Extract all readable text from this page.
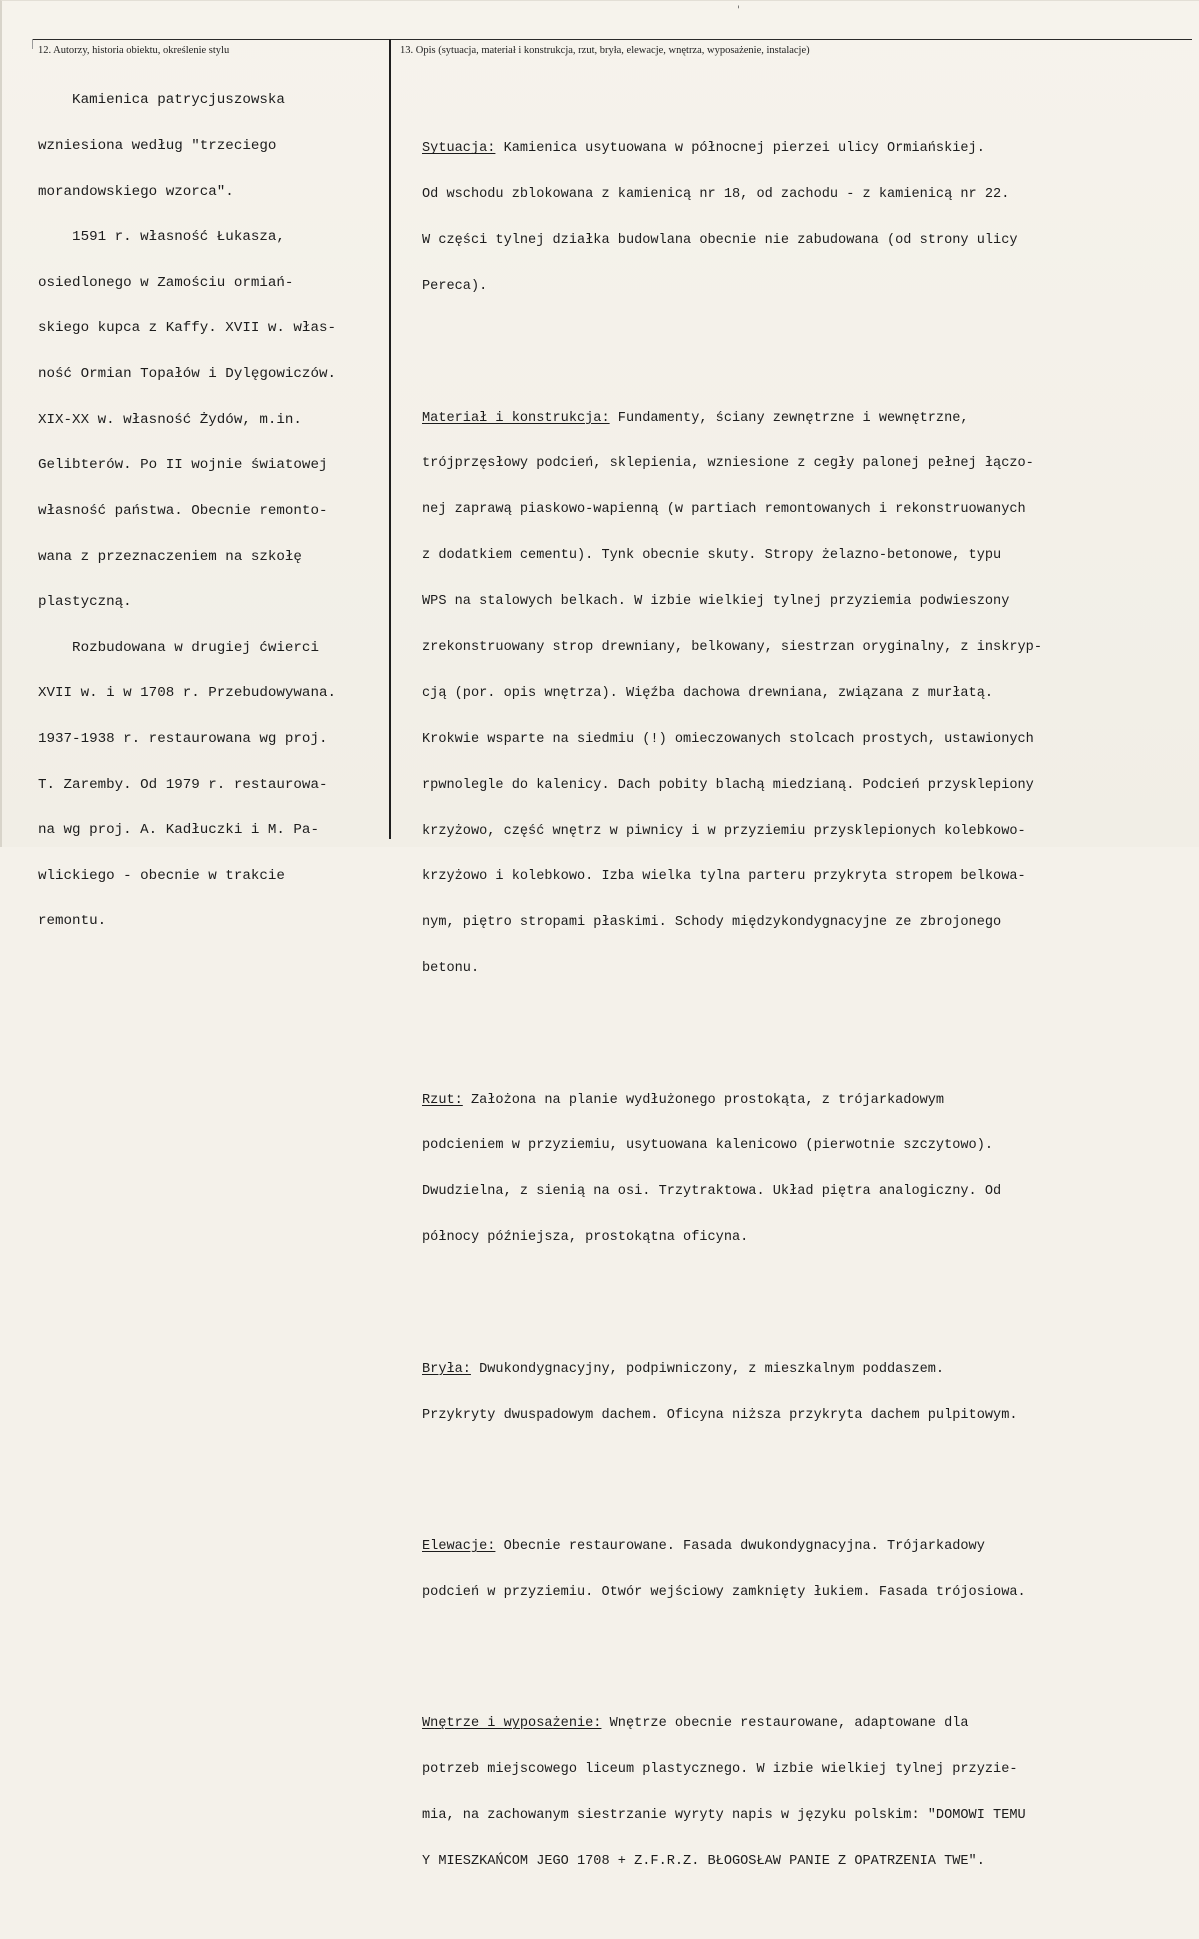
'
12. Autorzy, historia obiektu, określenie stylu	13. Opis (sytuacja, materiał i konstrukcja, rzut, bryła, elewacje, wnętrza, wyposażenie, instalacje)

Kamienica patrycjuszowska

wzniesiona według "trzeciego

morandowskiego wzorca".

1591 r. własność Łukasza,

osiedlonego w Zamościu ormiań-

skiego kupca z Kaffy. XVII w. włas-

ność Ormian Topałów i Dylęgowiczów.

XIX-XX w. własność Żydów, m.in.

Gelibterów. Po II wojnie światowej

własność państwa. Obecnie remonto-

wana z przeznaczeniem na szkołę

plastyczną.

Rozbudowana w drugiej ćwierci

XVII w. i w 1708 r. Przebudowywana.

1937-1938 r. restaurowana wg proj.

T. Zaremby. Od 1979 r. restaurowa-

na wg proj. A. Kadłuczki i M. Pa-

wlickiego - obecnie w trakcie

remontu.

Sytuacja: Kamienica usytuowana w północnej pierzei ulicy Ormiańskiej.

Od wschodu zblokowana z kamienicą nr 18, od zachodu - z kamienicą nr 22.

W części tylnej działka budowlana obecnie nie zabudowana (od strony ulicy

Pereca).

Materiał i konstrukcja: Fundamenty, ściany zewnętrzne i wewnętrzne,

trójprzęsłowy podcień, sklepienia, wzniesione z cegły palonej pełnej łączo-

nej zaprawą piaskowo-wapienną (w partiach remontowanych i rekonstruowanych

z dodatkiem cementu). Tynk obecnie skuty. Stropy żelazno-betonowe, typu

WPS na stalowych belkach. W izbie wielkiej tylnej przyziemia podwieszony

zrekonstruowany strop drewniany, belkowany, siestrzan oryginalny, z inskryp-

cją (por. opis wnętrza). Więźba dachowa drewniana, związana z murłatą.

Krokwie wsparte na siedmiu (!) omieczowanych stolcach prostych, ustawionych

rpwnolegle do kalenicy. Dach pobity blachą miedzianą. Podcień przysklepiony

krzyżowo, część wnętrz w piwnicy i w przyziemiu przysklepionych kolebkowo-

krzyżowo i kolebkowo. Izba wielka tylna parteru przykryta stropem belkowa-

nym, piętro stropami płaskimi. Schody międzykondygnacyjne ze zbrojonego

betonu.

Rzut: Założona na planie wydłużonego prostokąta, z trójarkadowym

podcieniem w przyziemiu, usytuowana kalenicowo (pierwotnie szczytowo).

Dwudzielna, z sienią na osi. Trzytraktowa. Układ piętra analogiczny. Od

północy późniejsza, prostokątna oficyna.

Bryła: Dwukondygnacyjny, podpiwniczony, z mieszkalnym poddaszem.

Przykryty dwuspadowym dachem. Oficyna niższa przykryta dachem pulpitowym.

Elewacje: Obecnie restaurowane. Fasada dwukondygnacyjna. Trójarkadowy

podcień w przyziemiu. Otwór wejściowy zamknięty łukiem. Fasada trójosiowa.

Wnętrze i wyposażenie: Wnętrze obecnie restaurowane, adaptowane dla

potrzeb miejscowego liceum plastycznego. W izbie wielkiej tylnej przyzie-

mia, na zachowanym siestrzanie wyryty napis w języku polskim: "DOMOWI TEMU

Y MIESZKAŃCOM JEGO 1708 + Z.F.R.Z. BŁOGOSŁAW PANIE Z OPATRZENIA TWE".
